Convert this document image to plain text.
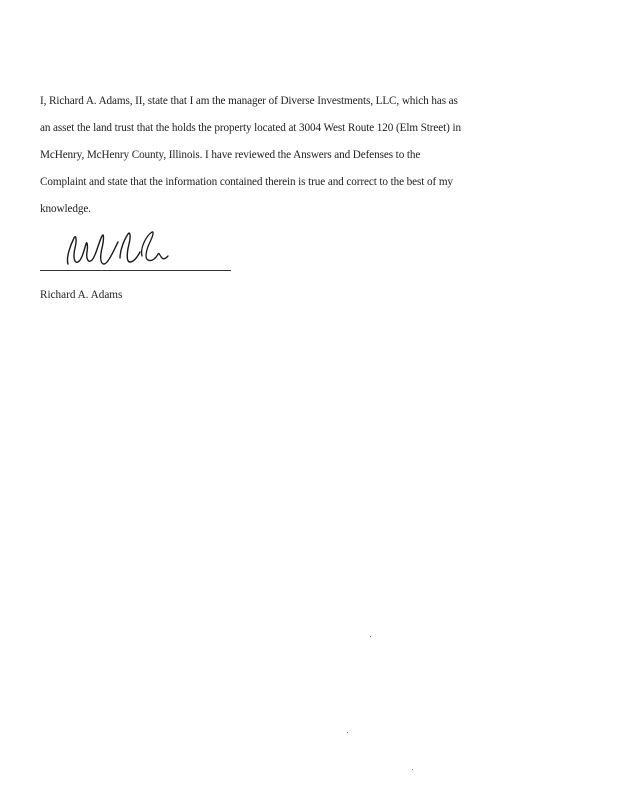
I, Richard A. Adams, II, state that I am the manager of Diverse Investments, LLC, which has as
an asset the land trust that the holds the property located at 3004 West Route 120 (Elm Street) in
McHenry, McHenry County, Illinois. I have reviewed the Answers and Defenses to the
Complaint and state that the information contained therein is true and correct to the best of my
knowledge.
Richard A. Adams
